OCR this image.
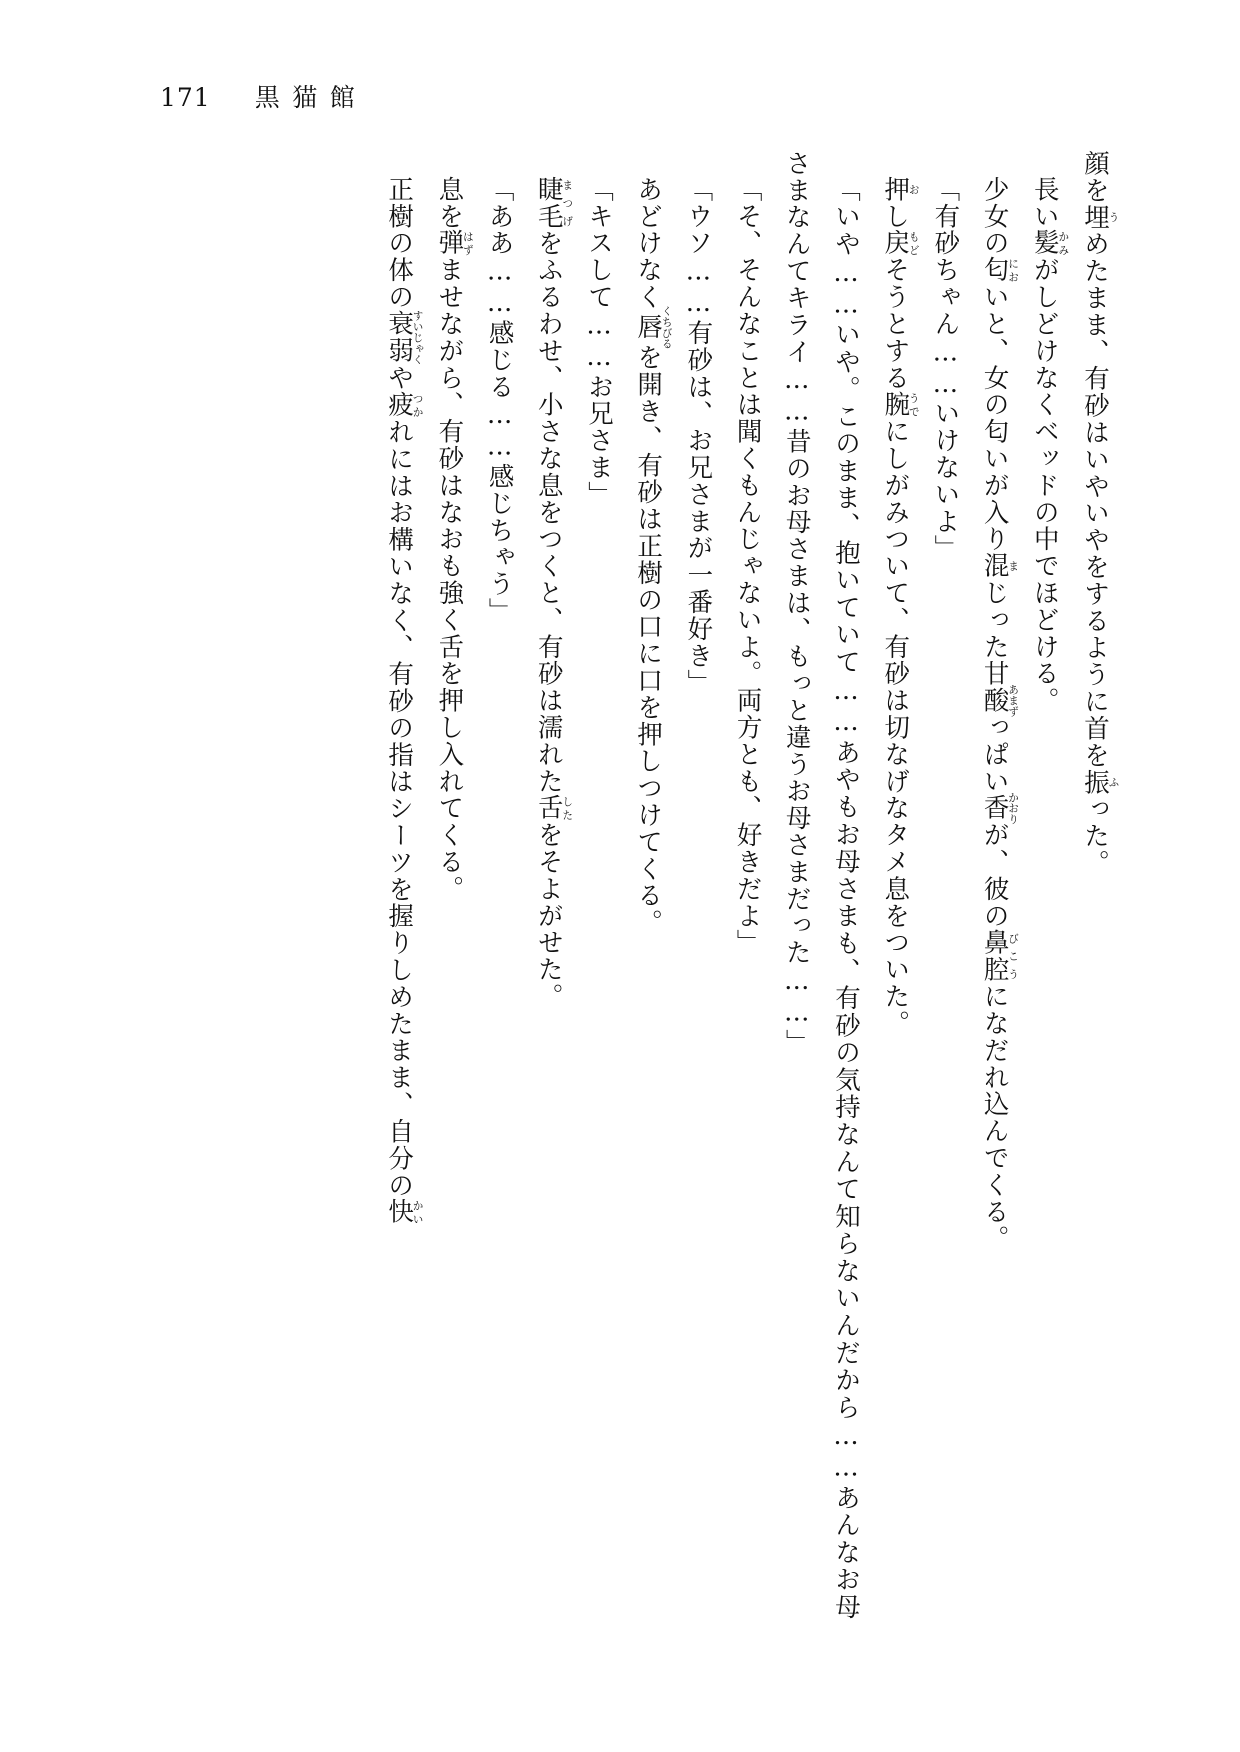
171 黒猫館

顔を埋うめたまま、有砂はいやいやをするように首を振ふった。

長い髪かみがしどけなくベッドの中でほどける。

少女の匂においと、女の匂いが入り混まじった甘酸あまずっぱい香かおりが、彼の鼻腔びこうになだれ込んでくる。

「有砂ちゃん……いけないよ」

押おし戻もどそうとする腕うでにしがみついて、有砂は切なげなタメ息をついた。

「いや……いや。このまま、抱いていて……あやもお母さまも、有砂の気持なんて知らないんだから……あんなお母さまなんてキライ……昔のお母さまは、もっと違うお母さまだった……」

「そ、そんなことは聞くもんじゃないよ。両方とも、好きだよ」

「ウソ……有砂は、お兄さまが一番好き」

あどけなく唇くちびるを開き、有砂は正樹の口に口を押しつけてくる。

「キスして……お兄さま」

睫毛まつげをふるわせ、小さな息をつくと、有砂は濡れた舌したをそよがせた。

「ああ……感じる……感じちゃう」

息を弾はずませながら、有砂はなおも強く舌を押し入れてくる。

正樹の体の衰弱すいじゃくや疲つかれにはお構いなく、有砂の指はシーツを握りしめたまま、自分の快かい
